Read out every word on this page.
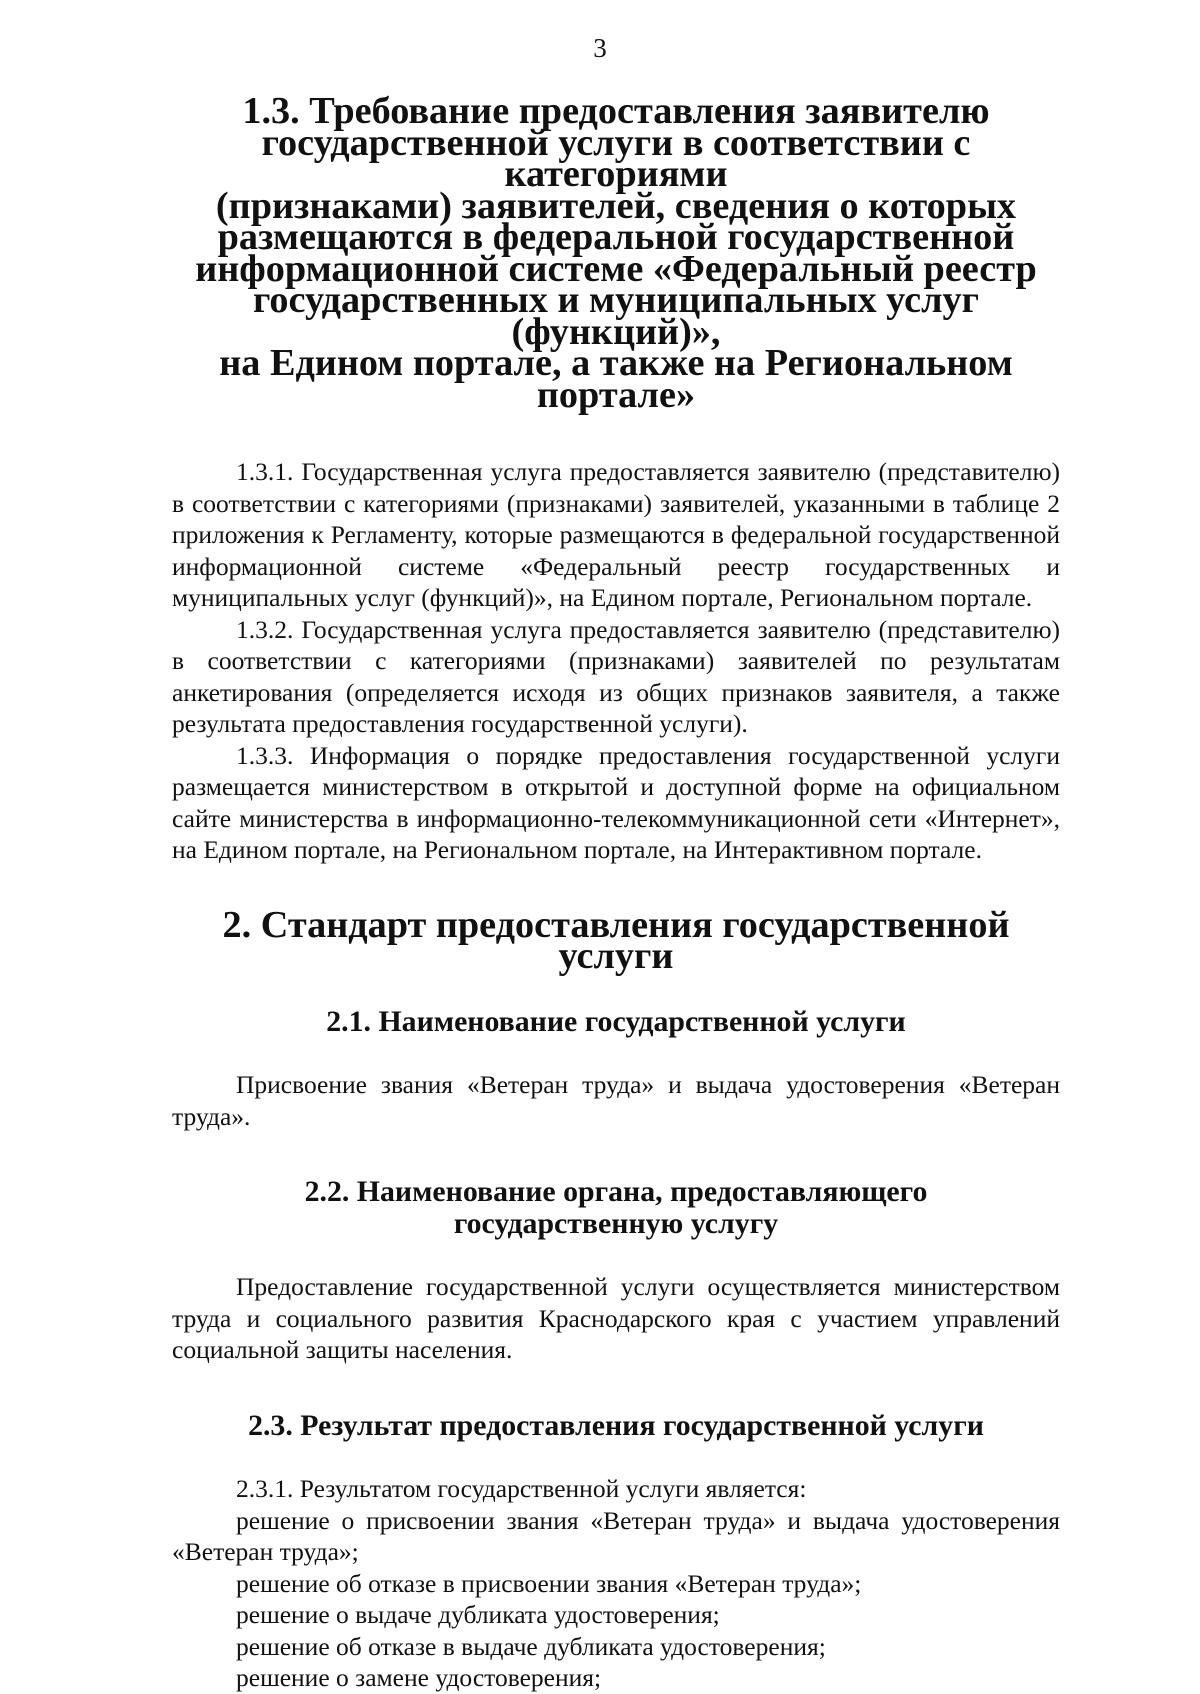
3
1.3. Требование предоставления заявителю
государственной услуги в соответствии с категориями
(признаками) заявителей, сведения о которых
размещаются в федеральной государственной
информационной системе «Федеральный реестр
государственных и муниципальных услуг (функций)»,
на Едином портале, а также на Региональном портале»

1.3.1. Государственная услуга предоставляется заявителю (представителю) в соответствии с категориями (признаками) заявителей, указанными в таблице 2 приложения к Регламенту, которые размещаются в федеральной государственной информационной системе «Федеральный реестр государственных и муниципальных услуг (функций)», на Едином портале, Региональном портале.

1.3.2. Государственная услуга предоставляется заявителю (представителю) в соответствии с категориями (признаками) заявителей по результатам анкетирования (определяется исходя из общих признаков заявителя, а также результата предоставления государственной услуги).

1.3.3. Информация о порядке предоставления государственной услуги размещается министерством в открытой и доступной форме на официальном сайте министерства в информационно-телекоммуникационной сети «Интернет», на Едином портале, на Региональном портале, на Интерактивном портале.

2. Стандарт предоставления государственной услуги
2.1. Наименование государственной услуги

Присвоение звания «Ветеран труда» и выдача удостоверения «Ветеран труда».

2.2. Наименование органа, предоставляющего
государственную услугу

Предоставление государственной услуги осуществляется министерством труда и социального развития Краснодарского края с участием управлений социальной защиты населения.

2.3. Результат предоставления государственной услуги

2.3.1. Результатом государственной услуги является:

решение о присвоении звания «Ветеран труда» и выдача удостоверения «Ветеран труда»;

решение об отказе в присвоении звания «Ветеран труда»;

решение о выдаче дубликата удостоверения;

решение об отказе в выдаче дубликата удостоверения;

решение о замене удостоверения;
